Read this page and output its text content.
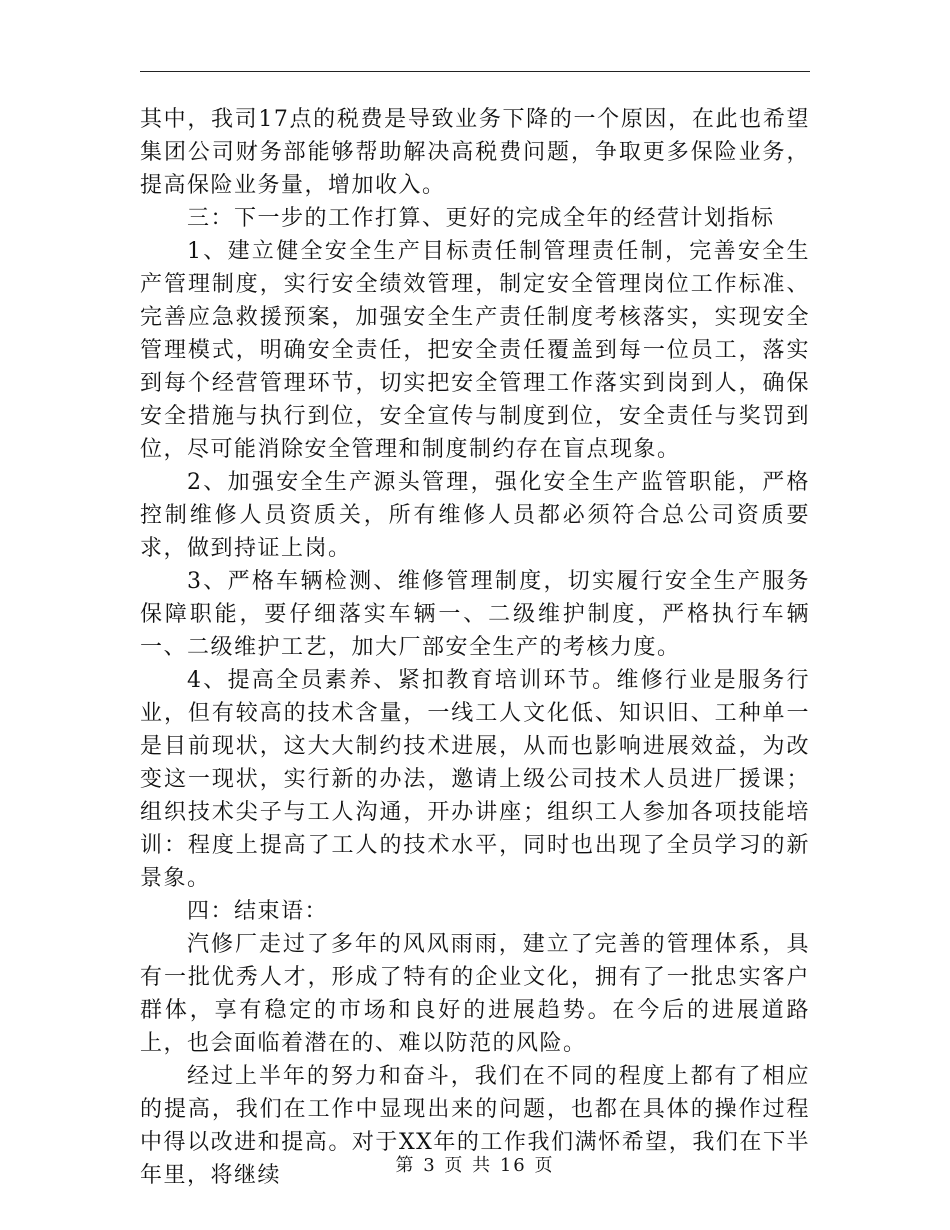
其中，我司17点的税费是导致业务下降的一个原因，在此也希望集团公司财务部能够帮助解决高税费问题，争取更多保险业务，提高保险业务量，增加收入。

三：下一步的工作打算、更好的完成全年的经营计划指标

1、建立健全安全生产目标责任制管理责任制，完善安全生产管理制度，实行安全绩效管理，制定安全管理岗位工作标准、完善应急救援预案，加强安全生产责任制度考核落实，实现安全管理模式，明确安全责任，把安全责任覆盖到每一位员工，落实到每个经营管理环节，切实把安全管理工作落实到岗到人，确保安全措施与执行到位，安全宣传与制度到位，安全责任与奖罚到位，尽可能消除安全管理和制度制约存在盲点现象。

2、加强安全生产源头管理，强化安全生产监管职能，严格控制维修人员资质关，所有维修人员都必须符合总公司资质要求，做到持证上岗。

3、严格车辆检测、维修管理制度，切实履行安全生产服务保障职能，要仔细落实车辆一、二级维护制度，严格执行车辆一、二级维护工艺，加大厂部安全生产的考核力度。

4、提高全员素养、紧扣教育培训环节。维修行业是服务行业，但有较高的技术含量，一线工人文化低、知识旧、工种单一是目前现状，这大大制约技术进展，从而也影响进展效益，为改变这一现状，实行新的办法，邀请上级公司技术人员进厂援课；组织技术尖子与工人沟通，开办讲座；组织工人参加各项技能培训：程度上提高了工人的技术水平，同时也出现了全员学习的新景象。

四：结束语：

汽修厂走过了多年的风风雨雨，建立了完善的管理体系，具有一批优秀人才，形成了特有的企业文化，拥有了一批忠实客户群体，享有稳定的市场和良好的进展趋势。在今后的进展道路上，也会面临着潜在的、难以防范的风险。

经过上半年的努力和奋斗，我们在不同的程度上都有了相应的提高，我们在工作中显现出来的问题，也都在具体的操作过程中得以改进和提高。对于XX年的工作我们满怀希望，我们在下半年里，将继续	第 3 页 共 16 页
